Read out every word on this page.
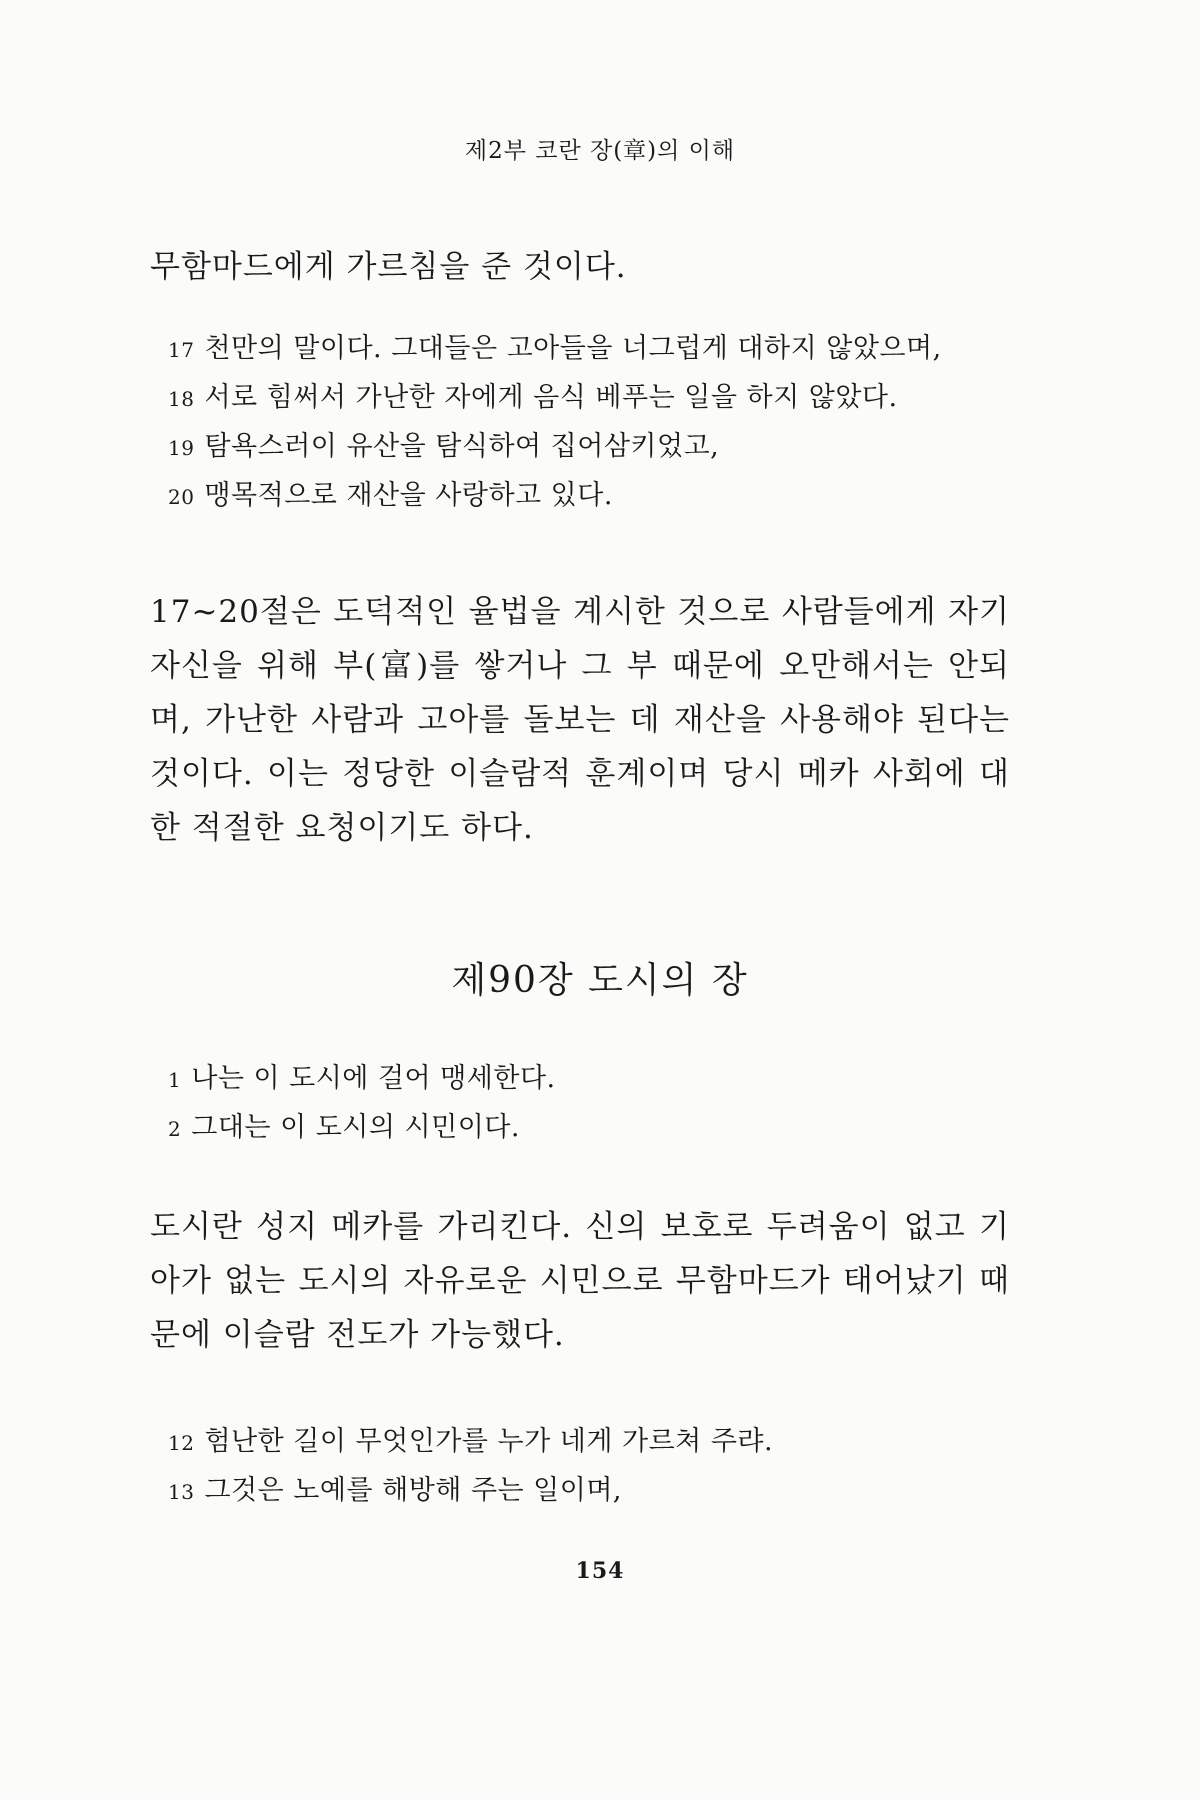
제2부 코란 장(章)의 이해

무함마드에게 가르침을 준 것이다.

17 천만의 말이다. 그대들은 고아들을 너그럽게 대하지 않았으며,

18 서로 힘써서 가난한 자에게 음식 베푸는 일을 하지 않았다.

19 탐욕스러이 유산을 탐식하여 집어삼키었고,

20 맹목적으로 재산을 사랑하고 있다.

17~20절은 도덕적인 율법을 계시한 것으로 사람들에게 자기 자신을 위해 부(富)를 쌓거나 그 부 때문에 오만해서는 안되며, 가난한 사람과 고아를 돌보는 데 재산을 사용해야 된다는 것이다. 이는 정당한 이슬람적 훈계이며 당시 메카 사회에 대한 적절한 요청이기도 하다.

제90장 도시의 장

1 나는 이 도시에 걸어 맹세한다.

2 그대는 이 도시의 시민이다.

도시란 성지 메카를 가리킨다. 신의 보호로 두려움이 없고 기아가 없는 도시의 자유로운 시민으로 무함마드가 태어났기 때문에 이슬람 전도가 가능했다.

12 험난한 길이 무엇인가를 누가 네게 가르쳐 주랴.

13 그것은 노예를 해방해 주는 일이며,

154
